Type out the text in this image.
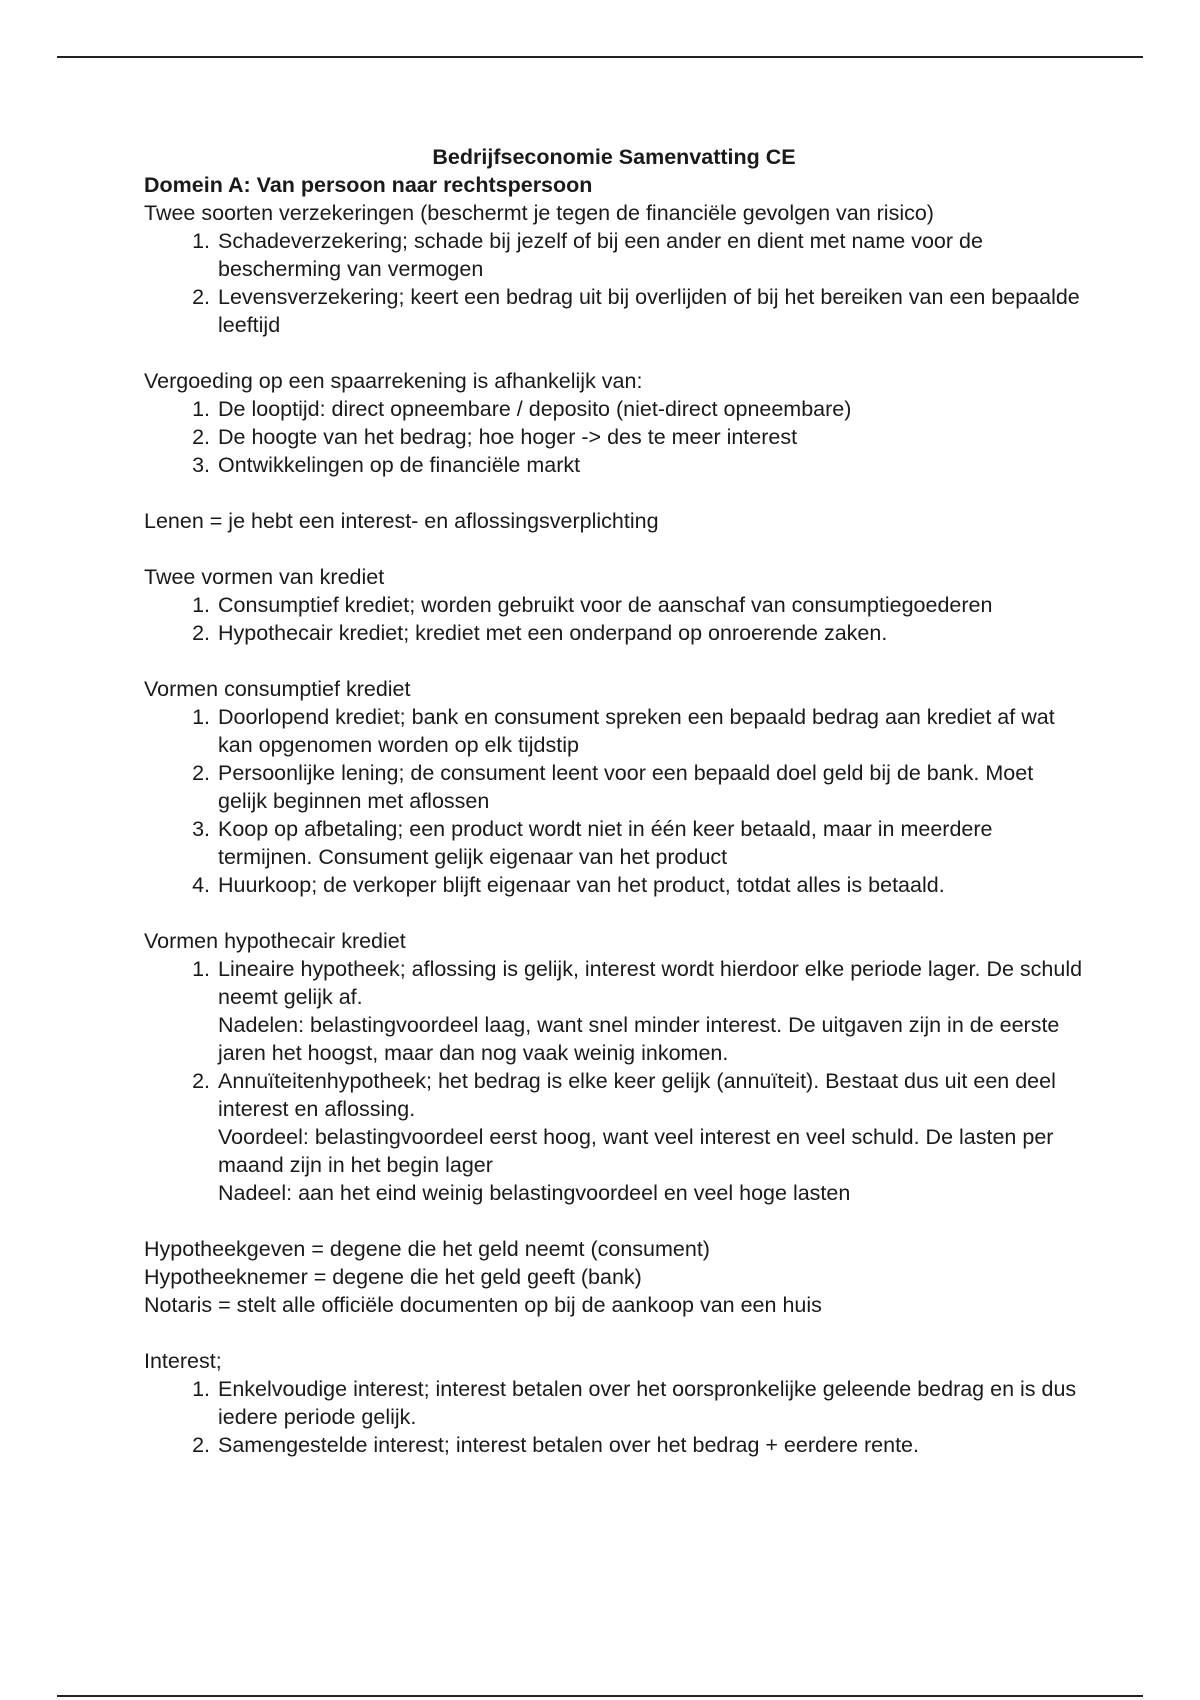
Bedrijfseconomie Samenvatting CE

Domein A: Van persoon naar rechtspersoon

Twee soorten verzekeringen (beschermt je tegen de financiële gevolgen van risico)

1. Schadeverzekering; schade bij jezelf of bij een ander en dient met name voor de bescherming van vermogen
2. Levensverzekering; keert een bedrag uit bij overlijden of bij het bereiken van een bepaalde leeftijd

Vergoeding op een spaarrekening is afhankelijk van:

1. De looptijd: direct opneembare / deposito (niet-direct opneembare)
2. De hoogte van het bedrag; hoe hoger -> des te meer interest
3. Ontwikkelingen op de financiële markt

Lenen = je hebt een interest- en aflossingsverplichting

Twee vormen van krediet

1. Consumptief krediet; worden gebruikt voor de aanschaf van consumptiegoederen
2. Hypothecair krediet; krediet met een onderpand op onroerende zaken.

Vormen consumptief krediet

1. Doorlopend krediet; bank en consument spreken een bepaald bedrag aan krediet af wat kan opgenomen worden op elk tijdstip
2. Persoonlijke lening; de consument leent voor een bepaald doel geld bij de bank. Moet gelijk beginnen met aflossen
3. Koop op afbetaling; een product wordt niet in één keer betaald, maar in meerdere termijnen. Consument gelijk eigenaar van het product
4. Huurkoop; de verkoper blijft eigenaar van het product, totdat alles is betaald.

Vormen hypothecair krediet

1. Lineaire hypotheek; aflossing is gelijk, interest wordt hierdoor elke periode lager. De schuld neemt gelijk af.
Nadelen: belastingvoordeel laag, want snel minder interest. De uitgaven zijn in de eerste jaren het hoogst, maar dan nog vaak weinig inkomen.
2. Annuïteitenhypotheek; het bedrag is elke keer gelijk (annuïteit). Bestaat dus uit een deel interest en aflossing.
Voordeel: belastingvoordeel eerst hoog, want veel interest en veel schuld. De lasten per maand zijn in het begin lager
Nadeel: aan het eind weinig belastingvoordeel en veel hoge lasten

Hypotheekgeven = degene die het geld neemt (consument)

Hypotheeknemer = degene die het geld geeft (bank)

Notaris = stelt alle officiële documenten op bij de aankoop van een huis

Interest;

1. Enkelvoudige interest; interest betalen over het oorspronkelijke geleende bedrag en is dus iedere periode gelijk.
2. Samengestelde interest; interest betalen over het bedrag + eerdere rente.
